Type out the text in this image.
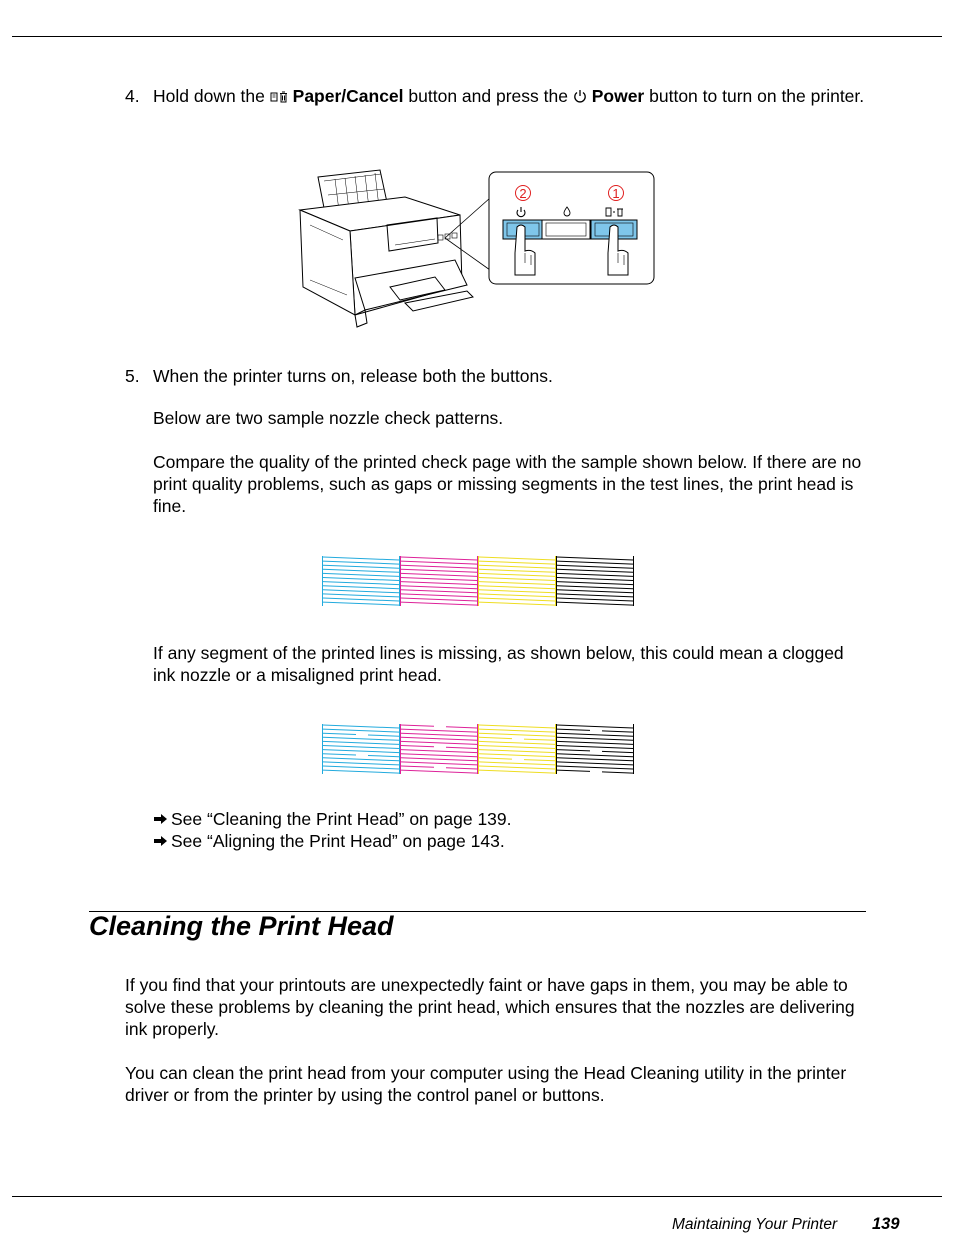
4. Hold down the Paper/Cancel button and press the Power button to turn on the printer.
2	1
5. When the printer turns on, release both the buttons.
Below are two sample nozzle check patterns.
Compare the quality of the printed check page with the sample shown below. If there are no print quality problems, such as gaps or missing segments in the test lines, the print head is fine.
If any segment of the printed lines is missing, as shown below, this could mean a clogged ink nozzle or a misaligned print head.
See “Cleaning the Print Head” on page 139.
See “Aligning the Print Head” on page 143.
Cleaning the Print Head
If you find that your printouts are unexpectedly faint or have gaps in them, you may be able to solve these problems by cleaning the print head, which ensures that the nozzles are delivering ink properly.
You can clean the print head from your computer using the Head Cleaning utility in the printer driver or from the printer by using the control panel or buttons.
Maintaining Your Printer 139
